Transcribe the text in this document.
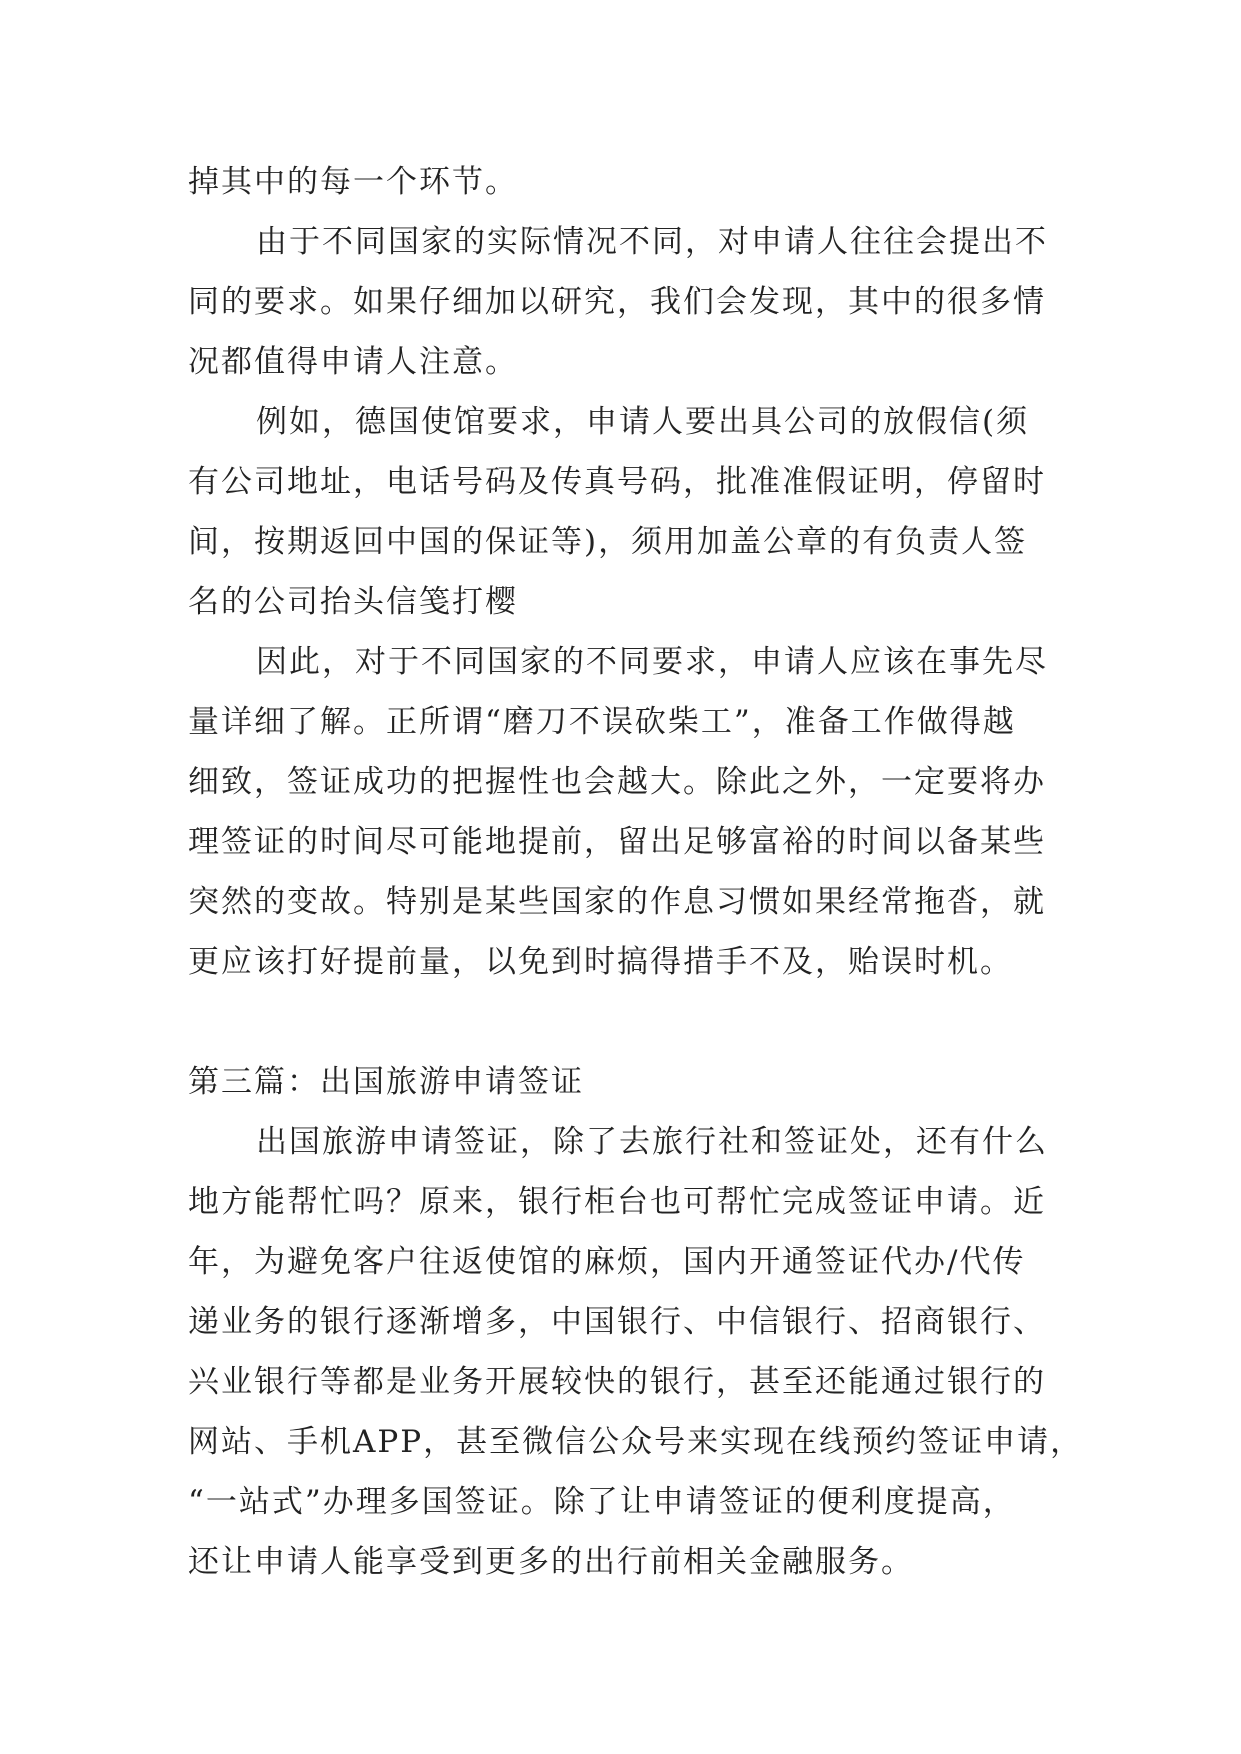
掉其中的每一个环节。
由于不同国家的实际情况不同，对申请人往往会提出不
同的要求。如果仔细加以研究，我们会发现，其中的很多情
况都值得申请人注意。
例如，德国使馆要求，申请人要出具公司的放假信(须
有公司地址，电话号码及传真号码，批准准假证明，停留时
间，按期返回中国的保证等)，须用加盖公章的有负责人签
名的公司抬头信笺打樱
因此，对于不同国家的不同要求，申请人应该在事先尽
量详细了解。正所谓“磨刀不误砍柴工”，准备工作做得越
细致，签证成功的把握性也会越大。除此之外，一定要将办
理签证的时间尽可能地提前，留出足够富裕的时间以备某些
突然的变故。特别是某些国家的作息习惯如果经常拖沓，就
更应该打好提前量，以免到时搞得措手不及，贻误时机。
第三篇：出国旅游申请签证
出国旅游申请签证，除了去旅行社和签证处，还有什么
地方能帮忙吗？原来，银行柜台也可帮忙完成签证申请。近
年，为避免客户往返使馆的麻烦，国内开通签证代办/代传
递业务的银行逐渐增多，中国银行、中信银行、招商银行、
兴业银行等都是业务开展较快的银行，甚至还能通过银行的
网站、手机APP，甚至微信公众号来实现在线预约签证申请，
“一站式”办理多国签证。除了让申请签证的便利度提高，
还让申请人能享受到更多的出行前相关金融服务。
